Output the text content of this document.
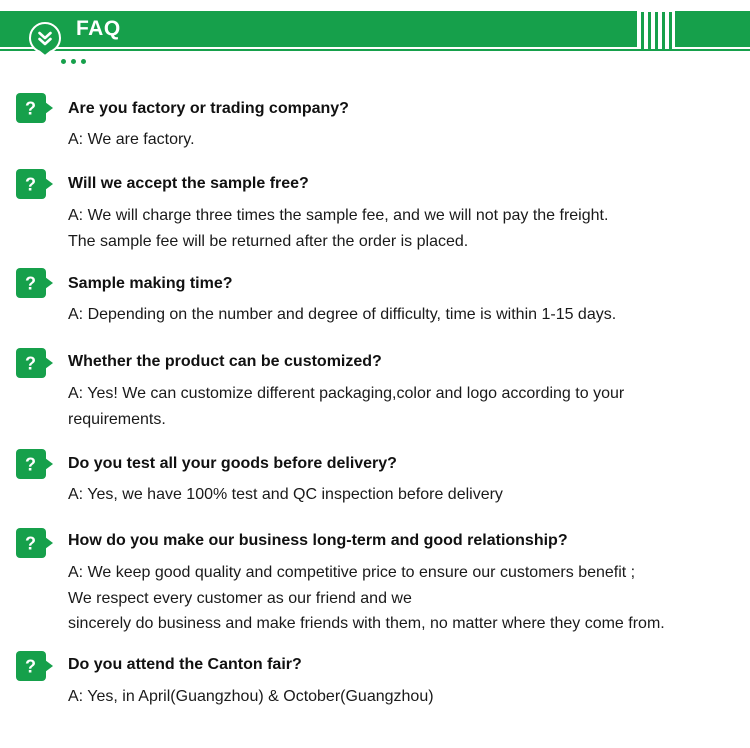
FAQ
? Are you factory or trading company?
A: We are factory.
? Will we accept the sample free?
A: We will charge three times the sample fee, and we will not pay the freight.
The sample fee will be returned after the order is placed.
? Sample making time?
A: Depending on the number and degree of difficulty, time is within 1-15 days.
? Whether the product can be customized?
A: Yes! We can customize different packaging,color and logo according to your
requirements.
? Do you test all your goods before delivery?
A: Yes, we have 100% test and QC inspection before delivery
? How do you make our business long-term and good relationship?
A: We keep good quality and competitive price to ensure our customers benefit ;
We respect every customer as our friend and we
sincerely do business and make friends with them, no matter where they come from.
? Do you attend the Canton fair?
A: Yes, in April(Guangzhou) & October(Guangzhou)
